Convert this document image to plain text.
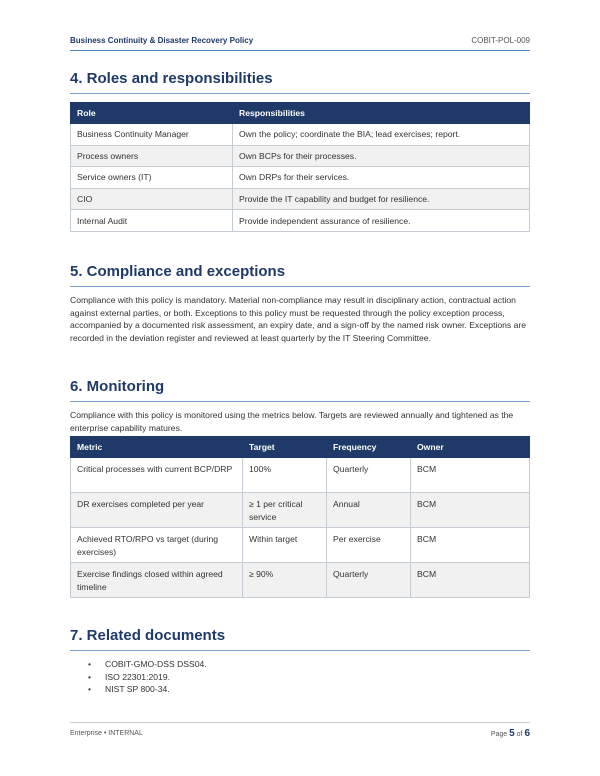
Business Continuity & Disaster Recovery Policy	COBIT-POL-009
4. Roles and responsibilities
Role	Responsibilities
Business Continuity Manager	Own the policy; coordinate the BIA; lead exercises; report.
Process owners	Own BCPs for their processes.
Service owners (IT)	Own DRPs for their services.
CIO	Provide the IT capability and budget for resilience.
Internal Audit	Provide independent assurance of resilience.
5. Compliance and exceptions

Compliance with this policy is mandatory. Material non-compliance may result in disciplinary action, contractual action against external parties, or both. Exceptions to this policy must be requested through the policy exception process, accompanied by a documented risk assessment, an expiry date, and a sign-off by the named risk owner. Exceptions are recorded in the deviation register and reviewed at least quarterly by the IT Steering Committee.

6. Monitoring

Compliance with this policy is monitored using the metrics below. Targets are reviewed annually and tightened as the enterprise capability matures.

Metric	Target	Frequency	Owner
Critical processes with current BCP/DRP	100%	Quarterly	BCM
DR exercises completed per year	≥ 1 per critical service	Annual	BCM
Achieved RTO/RPO vs target (during exercises)	Within target	Per exercise	BCM
Exercise findings closed within agreed timeline	≥ 90%	Quarterly	BCM
7. Related documents
• COBIT-GMO-DSS DSS04.
• ISO 22301:2019.
• NIST SP 800-34.
Enterprise • INTERNAL	Page 5 of 6
